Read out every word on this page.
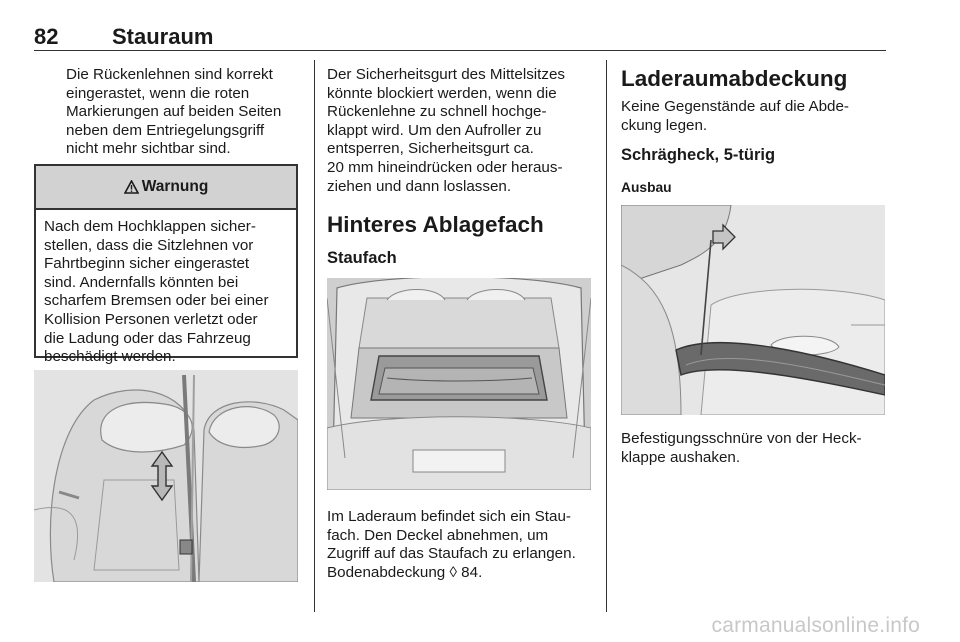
82 Stauraum
Die Rückenlehnen sind korrekt
eingerastet, wenn die roten
Markierungen auf beiden Seiten
neben dem Entriegelungsgriff
nicht mehr sichtbar sind.
Warnung
Nach dem Hochklappen sicher-
stellen, dass die Sitzlehnen vor
Fahrtbeginn sicher eingerastet
sind. Andernfalls könnten bei
scharfem Bremsen oder bei einer
Kollision Personen verletzt oder
die Ladung oder das Fahrzeug
beschädigt werden.
Der Sicherheitsgurt des Mittelsitzes
könnte blockiert werden, wenn die
Rückenlehne zu schnell hochge-
klappt wird. Um den Aufroller zu
entsperren, Sicherheitsgurt ca.
20 mm hineindrücken oder heraus-
ziehen und dann loslassen.
Hinteres Ablagefach
Staufach
Im Laderaum befindet sich ein Stau-
fach. Den Deckel abnehmen, um
Zugriff auf das Staufach zu erlangen.
Bodenabdeckung ◊ 84.
Laderaumabdeckung
Keine Gegenstände auf die Abde-
ckung legen.
Schrägheck, 5-türig
Ausbau
Befestigungsschnüre von der Heck-
klappe aushaken.
carmanualsonline.info
